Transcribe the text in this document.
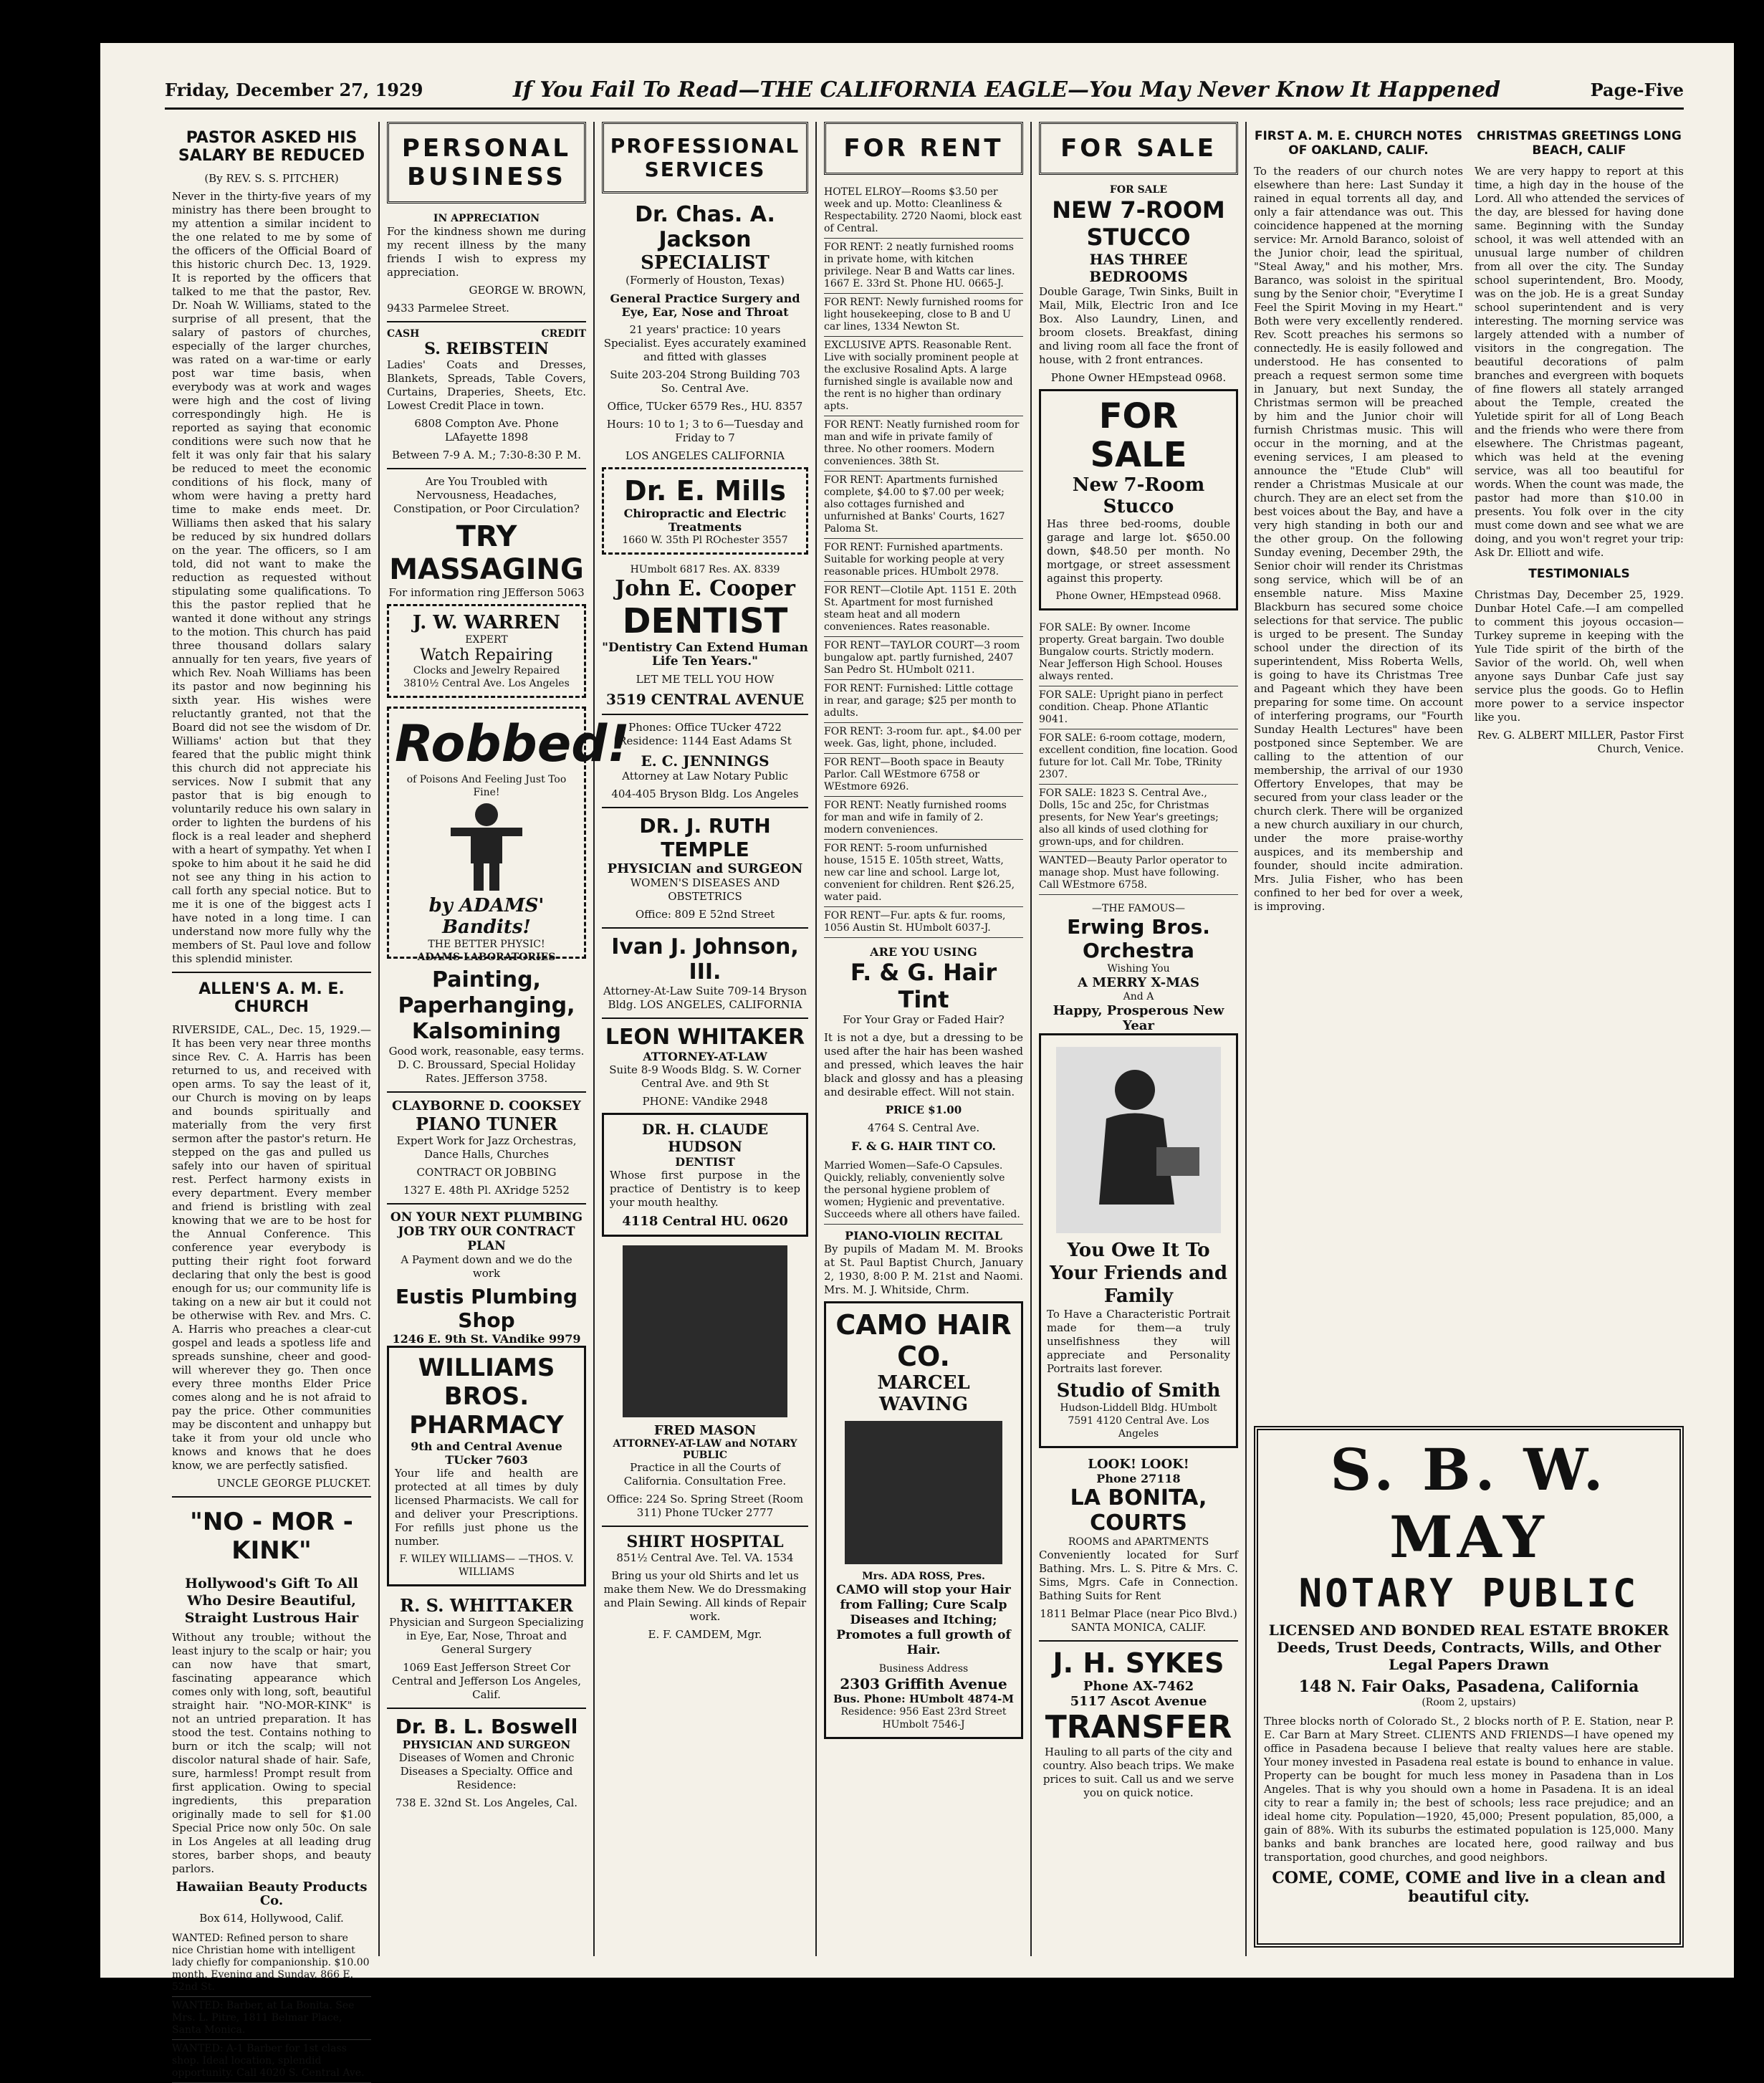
Friday, December 27, 1929	If You Fail To Read—THE CALIFORNIA EAGLE—You May Never Know It Happened	Page-Five
PASTOR ASKED HIS SALARY BE REDUCED

(By REV. S. S. PITCHER)

Never in the thirty-five years of my ministry has there been brought to my attention a similar incident to the one related to me by some of the officers of the Official Board of this historic church Dec. 13, 1929. It is reported by the officers that talked to me that the pastor, Rev. Dr. Noah W. Williams, stated to the surprise of all present, that the salary of pastors of churches, especially of the larger churches, was rated on a war-time or early post war time basis, when everybody was at work and wages were high and the cost of living correspondingly high. He is reported as saying that economic conditions were such now that he felt it was only fair that his salary be reduced to meet the economic conditions of his flock, many of whom were having a pretty hard time to make ends meet. Dr. Williams then asked that his salary be reduced by six hundred dollars on the year. The officers, so I am told, did not want to make the reduction as requested without stipulating some qualifications. To this the pastor replied that he wanted it done without any strings to the motion. This church has paid three thousand dollars salary annually for ten years, five years of which Rev. Noah Williams has been its pastor and now beginning his sixth year. His wishes were reluctantly granted, not that the Board did not see the wisdom of Dr. Williams' action but that they feared that the public might think this church did not appreciate his services. Now I submit that any pastor that is big enough to voluntarily reduce his own salary in order to lighten the burdens of his flock is a real leader and shepherd with a heart of sympathy. Yet when I spoke to him about it he said he did not see any thing in his action to call forth any special notice. But to me it is one of the biggest acts I have noted in a long time. I can understand now more fully why the members of St. Paul love and follow this splendid minister.

ALLEN'S A. M. E. CHURCH

RIVERSIDE, CAL., Dec. 15, 1929.—It has been very near three months since Rev. C. A. Harris has been returned to us, and received with open arms. To say the least of it, our Church is moving on by leaps and bounds spiritually and materially from the very first sermon after the pastor's return. He stepped on the gas and pulled us safely into our haven of spiritual rest. Perfect harmony exists in every department. Every member and friend is bristling with zeal knowing that we are to be host for the Annual Conference. This conference year everybody is putting their right foot forward declaring that only the best is good enough for us; our community life is taking on a new air but it could not be otherwise with Rev. and Mrs. C. A. Harris who preaches a clear-cut gospel and leads a spotless life and spreads sunshine, cheer and good-will wherever they go. Then once every three months Elder Price comes along and he is not afraid to pay the price. Other communities may be discontent and unhappy but take it from your old uncle who knows and knows that he does know, we are perfectly satisfied.

UNCLE GEORGE PLUCKET.

"NO - MOR - KINK"

Hollywood's Gift To All Who Desire Beautiful, Straight Lustrous Hair

Without any trouble; without the least injury to the scalp or hair; you can now have that smart, fascinating appearance which comes only with long, soft, beautiful straight hair. "NO-MOR-KINK" is not an untried preparation. It has stood the test. Contains nothing to burn or itch the scalp; will not discolor natural shade of hair. Safe, sure, harmless! Prompt result from first application. Owing to special ingredients, this preparation originally made to sell for $1.00 Special Price now only 50c. On sale in Los Angeles at all leading drug stores, barber shops, and beauty parlors.

Hawaiian Beauty Products Co.

Box 614, Hollywood, Calif.

WANTED: Refined person to share nice Christian home with intelligent lady chiefly for companionship. $10.00 month. Evening and Sunday, 866 E. 52nd St.
WANTED: Barber, at La Bonita. See Mrs. L. Pitre, 1811 Belmar Place, Santa Monica.
WANTED: A-1 Barber for 1st class shop. Ideal location, splendid opportunity. Call 4020 S. Central Ave.
PERSONAL BUSINESS
IN APPRECIATION

For the kindness shown me during my recent illness by the many friends I wish to express my appreciation.

GEORGE W. BROWN,

9433 Parmelee Street.

CASH	CREDIT
S. REIBSTEIN

Ladies' Coats and Dresses, Blankets, Spreads, Table Covers, Curtains, Draperies, Sheets, Etc. Lowest Credit Place in town.

6808 Compton Ave. Phone LAfayette 1898

Between 7-9 A. M.; 7:30-8:30 P. M.

Are You Troubled with Nervousness, Headaches, Constipation, or Poor Circulation?

TRY MASSAGING

For information ring JEfferson 5063

J. W. WARREN
EXPERT
Watch Repairing
Clocks and Jewelry Repaired
3810½ Central Ave. Los Angeles
Robbed!
of Poisons And Feeling Just Too Fine!
by ADAMS' Bandits!
THE BETTER PHYSIC!
ADAMS LABORATORIES
Painting, Paperhanging, Kalsomining

Good work, reasonable, easy terms. D. C. Broussard, Special Holiday Rates. JEfferson 3758.

CLAYBORNE D. COOKSEY
PIANO TUNER

Expert Work for Jazz Orchestras, Dance Halls, Churches

CONTRACT OR JOBBING

1327 E. 48th Pl. AXridge 5252

ON YOUR NEXT PLUMBING JOB TRY OUR CONTRACT PLAN

A Payment down and we do the work

Eustis Plumbing Shop
1246 E. 9th St. VAndike 9979
WILLIAMS BROS. PHARMACY
9th and Central Avenue TUcker 7603

Your life and health are protected at all times by duly licensed Pharmacists. We call for and deliver your Prescriptions. For refills just phone us the number.

F. WILEY WILLIAMS— —THOS. V. WILLIAMS
R. S. WHITTAKER

Physician and Surgeon Specializing in Eye, Ear, Nose, Throat and General Surgery

1069 East Jefferson Street Cor Central and Jefferson Los Angeles, Calif.

Dr. B. L. Boswell
PHYSICIAN AND SURGEON

Diseases of Women and Chronic Diseases a Specialty. Office and Residence:

738 E. 32nd St. Los Angeles, Cal.

PROFESSIONAL SERVICES
Dr. Chas. A. Jackson
SPECIALIST

(Formerly of Houston, Texas)

General Practice Surgery and Eye, Ear, Nose and Throat

21 years' practice: 10 years Specialist. Eyes accurately examined and fitted with glasses

Suite 203-204 Strong Building 703 So. Central Ave.

Office, TUcker 6579 Res., HU. 8357

Hours: 10 to 1; 3 to 6—Tuesday and Friday to 7

LOS ANGELES CALIFORNIA

Dr. E. Mills
Chiropractic and Electric Treatments
1660 W. 35th Pl ROchester 3557
HUmbolt 6817 Res. AX. 8339
John E. Cooper
DENTIST

"Dentistry Can Extend Human Life Ten Years."

LET ME TELL YOU HOW

3519 CENTRAL AVENUE

Phones: Office TUcker 4722 Residence: 1144 East Adams St

E. C. JENNINGS

Attorney at Law Notary Public

404-405 Bryson Bldg. Los Angeles

DR. J. RUTH TEMPLE
PHYSICIAN and SURGEON

WOMEN'S DISEASES AND OBSTETRICS

Office: 809 E 52nd Street

Ivan J. Johnson, III.

Attorney-At-Law Suite 709-14 Bryson Bldg. LOS ANGELES, CALIFORNIA

LEON WHITAKER
ATTORNEY-AT-LAW

Suite 8-9 Woods Bldg. S. W. Corner Central Ave. and 9th St

PHONE: VAndike 2948

DR. H. CLAUDE HUDSON
DENTIST

Whose first purpose in the practice of Dentistry is to keep your mouth healthy.

4118 Central HU. 0620
FRED MASON
ATTORNEY-AT-LAW and NOTARY PUBLIC

Practice in all the Courts of California. Consultation Free.

Office: 224 So. Spring Street (Room 311) Phone TUcker 2777

SHIRT HOSPITAL

851½ Central Ave. Tel. VA. 1534

Bring us your old Shirts and let us make them New. We do Dressmaking and Plain Sewing. All kinds of Repair work.

E. F. CAMDEM, Mgr.

FOR RENT
HOTEL ELROY—Rooms $3.50 per week and up. Motto: Cleanliness & Respectability. 2720 Naomi, block east of Central.
FOR RENT: 2 neatly furnished rooms in private home, with kitchen privilege. Near B and Watts car lines. 1667 E. 33rd St. Phone HU. 0665-J.
FOR RENT: Newly furnished rooms for light housekeeping, close to B and U car lines, 1334 Newton St.
EXCLUSIVE APTS. Reasonable Rent. Live with socially prominent people at the exclusive Rosalind Apts. A large furnished single is available now and the rent is no higher than ordinary apts.
FOR RENT: Neatly furnished room for man and wife in private family of three. No other roomers. Modern conveniences. 38th St.
FOR RENT: Apartments furnished complete, $4.00 to $7.00 per week; also cottages furnished and unfurnished at Banks' Courts, 1627 Paloma St.
FOR RENT: Furnished apartments. Suitable for working people at very reasonable prices. HUmbolt 2978.
FOR RENT—Clotile Apt. 1151 E. 20th St. Apartment for most furnished steam heat and all modern conveniences. Rates reasonable.
FOR RENT—TAYLOR COURT—3 room bungalow apt. partly furnished, 2407 San Pedro St. HUmbolt 0211.
FOR RENT: Furnished: Little cottage in rear, and garage; $25 per month to adults.
FOR RENT: 3-room fur. apt., $4.00 per week. Gas, light, phone, included.
FOR RENT—Booth space in Beauty Parlor. Call WEstmore 6758 or WEstmore 6926.
FOR RENT: Neatly furnished rooms for man and wife in family of 2. modern conveniences.
FOR RENT: 5-room unfurnished house, 1515 E. 105th street, Watts, new car line and school. Large lot, convenient for children. Rent $26.25, water paid.
FOR RENT—Fur. apts & fur. rooms, 1056 Austin St. HUmbolt 6037-J.
ARE YOU USING
F. & G. Hair Tint

For Your Gray or Faded Hair?

It is not a dye, but a dressing to be used after the hair has been washed and pressed, which leaves the hair black and glossy and has a pleasing and desirable effect. Will not stain.

PRICE $1.00

4764 S. Central Ave.

F. & G. HAIR TINT CO.

Married Women—Safe-O Capsules. Quickly, reliably, conveniently solve the personal hygiene problem of women; Hygienic and preventative. Succeeds where all others have failed.
PIANO-VIOLIN RECITAL

By pupils of Madam M. M. Brooks at St. Paul Baptist Church, January 2, 1930, 8:00 P. M. 21st and Naomi. Mrs. M. J. Whitside, Chrm.

CAMO HAIR CO.
MARCEL WAVING
Mrs. ADA ROSS, Pres.

CAMO will stop your Hair from Falling; Cure Scalp Diseases and Itching; Promotes a full growth of Hair.

Business Address
2303 Griffith Avenue
Bus. Phone: HUmbolt 4874-M
Residence: 956 East 23rd Street HUmbolt 7546-J
FOR SALE
FOR SALE
NEW 7-ROOM STUCCO
HAS THREE BEDROOMS

Double Garage, Twin Sinks, Built in Mail, Milk, Electric Iron and Ice Box. Also Laundry, Linen, and broom closets. Breakfast, dining and living room all face the front of house, with 2 front entrances.

Phone Owner HEmpstead 0968.

FOR SALE
New 7-Room Stucco

Has three bed-rooms, double garage and large lot. $650.00 down, $48.50 per month. No mortgage, or street assessment against this property.

Phone Owner, HEmpstead 0968.
FOR SALE: By owner. Income property. Great bargain. Two double Bungalow courts. Strictly modern. Near Jefferson High School. Houses always rented.
FOR SALE: Upright piano in perfect condition. Cheap. Phone ATlantic 9041.
FOR SALE: 6-room cottage, modern, excellent condition, fine location. Good future for lot. Call Mr. Tobe, TRinity 2307.
FOR SALE: 1823 S. Central Ave., Dolls, 15c and 25c, for Christmas presents, for New Year's greetings; also all kinds of used clothing for grown-ups, and for children.
WANTED—Beauty Parlor operator to manage shop. Must have following. Call WEstmore 6758.
—THE FAMOUS—
Erwing Bros. Orchestra
Wishing You
A MERRY X-MAS
And A
Happy, Prosperous New Year
You Owe It To Your Friends and Family

To Have a Characteristic Portrait made for them—a truly unselfishness they will appreciate and Personality Portraits last forever.

Studio of Smith
Hudson-Liddell Bldg. HUmbolt 7591 4120 Central Ave. Los Angeles
LOOK! LOOK!
Phone 27118
LA BONITA, COURTS
ROOMS and APARTMENTS

Conveniently located for Surf Bathing. Mrs. L. S. Pitre & Mrs. C. Sims, Mgrs. Cafe in Connection. Bathing Suits for Rent

1811 Belmar Place (near Pico Blvd.) SANTA MONICA, CALIF.

J. H. SYKES
Phone AX-7462
5117 Ascot Avenue
TRANSFER

Hauling to all parts of the city and country. Also beach trips. We make prices to suit. Call us and we serve you on quick notice.

FIRST A. M. E. CHURCH NOTES OF OAKLAND, CALIF.

To the readers of our church notes elsewhere than here: Last Sunday it rained in equal torrents all day, and only a fair attendance was out. This coincidence happened at the morning service: Mr. Arnold Baranco, soloist of the Junior choir, lead the spiritual, "Steal Away," and his mother, Mrs. Baranco, was soloist in the spiritual sung by the Senior choir, "Everytime I Feel the Spirit Moving in my Heart." Both were very excellently rendered. Rev. Scott preaches his sermons so connectedly. He is easily followed and understood. He has consented to preach a request sermon some time in January, but next Sunday, the Christmas sermon will be preached by him and the Junior choir will furnish Christmas music. This will occur in the morning, and at the evening services, I am pleased to announce the "Etude Club" will render a Christmas Musicale at our church. They are an elect set from the best voices about the Bay, and have a very high standing in both our and the other group. On the following Sunday evening, December 29th, the Senior choir will render its Christmas song service, which will be of an ensemble nature. Miss Maxine Blackburn has secured some choice selections for that service. The public is urged to be present. The Sunday school under the direction of its superintendent, Miss Roberta Wells, is going to have its Christmas Tree and Pageant which they have been preparing for some time. On account of interfering programs, our "Fourth Sunday Health Lectures" have been postponed since September. We are calling to the attention of our membership, the arrival of our 1930 Offertory Envelopes, that may be secured from your class leader or the church clerk. There will be organized a new church auxiliary in our church, under the more praise-worthy auspices, and its membership and founder, should incite admiration. Mrs. Julia Fisher, who has been confined to her bed for over a week, is improving.

CHRISTMAS GREETINGS LONG BEACH, CALIF

We are very happy to report at this time, a high day in the house of the Lord. All who attended the services of the day, are blessed for having done same. Beginning with the Sunday school, it was well attended with an unusual large number of children from all over the city. The Sunday school superintendent, Bro. Moody, was on the job. He is a great Sunday school superintendent and is very interesting. The morning service was largely attended with a number of visitors in the congregation. The beautiful decorations of palm branches and evergreen with boquets of fine flowers all stately arranged about the Temple, created the Yuletide spirit for all of Long Beach and the friends who were there from elsewhere. The Christmas pageant, which was held at the evening service, was all too beautiful for words. When the count was made, the pastor had more than $10.00 in presents. You folk over in the city must come down and see what we are doing, and you won't regret your trip: Ask Dr. Elliott and wife.

TESTIMONIALS

Christmas Day, December 25, 1929. Dunbar Hotel Cafe.—I am compelled to comment this joyous occasion—Turkey supreme in keeping with the Yule Tide spirit of the birth of the Savior of the world. Oh, well when anyone says Dunbar Cafe just say service plus the goods. Go to Heflin more power to a service inspector like you.

Rev. G. ALBERT MILLER, Pastor First Church, Venice.

S. B. W. MAY
NOTARY PUBLIC
LICENSED AND BONDED REAL ESTATE BROKER
Deeds, Trust Deeds, Contracts, Wills, and Other Legal Papers Drawn
148 N. Fair Oaks, Pasadena, California
(Room 2, upstairs)

Three blocks north of Colorado St., 2 blocks north of P. E. Station, near P. E. Car Barn at Mary Street. CLIENTS AND FRIENDS—I have opened my office in Pasadena because I believe that realty values here are stable. Your money invested in Pasadena real estate is bound to enhance in value. Property can be bought for much less money in Pasadena than in Los Angeles. That is why you should own a home in Pasadena. It is an ideal city to rear a family in; the best of schools; less race prejudice; and an ideal home city. Population—1920, 45,000; Present population, 85,000, a gain of 88%. With its suburbs the estimated population is 125,000. Many banks and bank branches are located here, good railway and bus transportation, good churches, and good neighbors.

COME, COME, COME and live in a clean and beautiful city.
